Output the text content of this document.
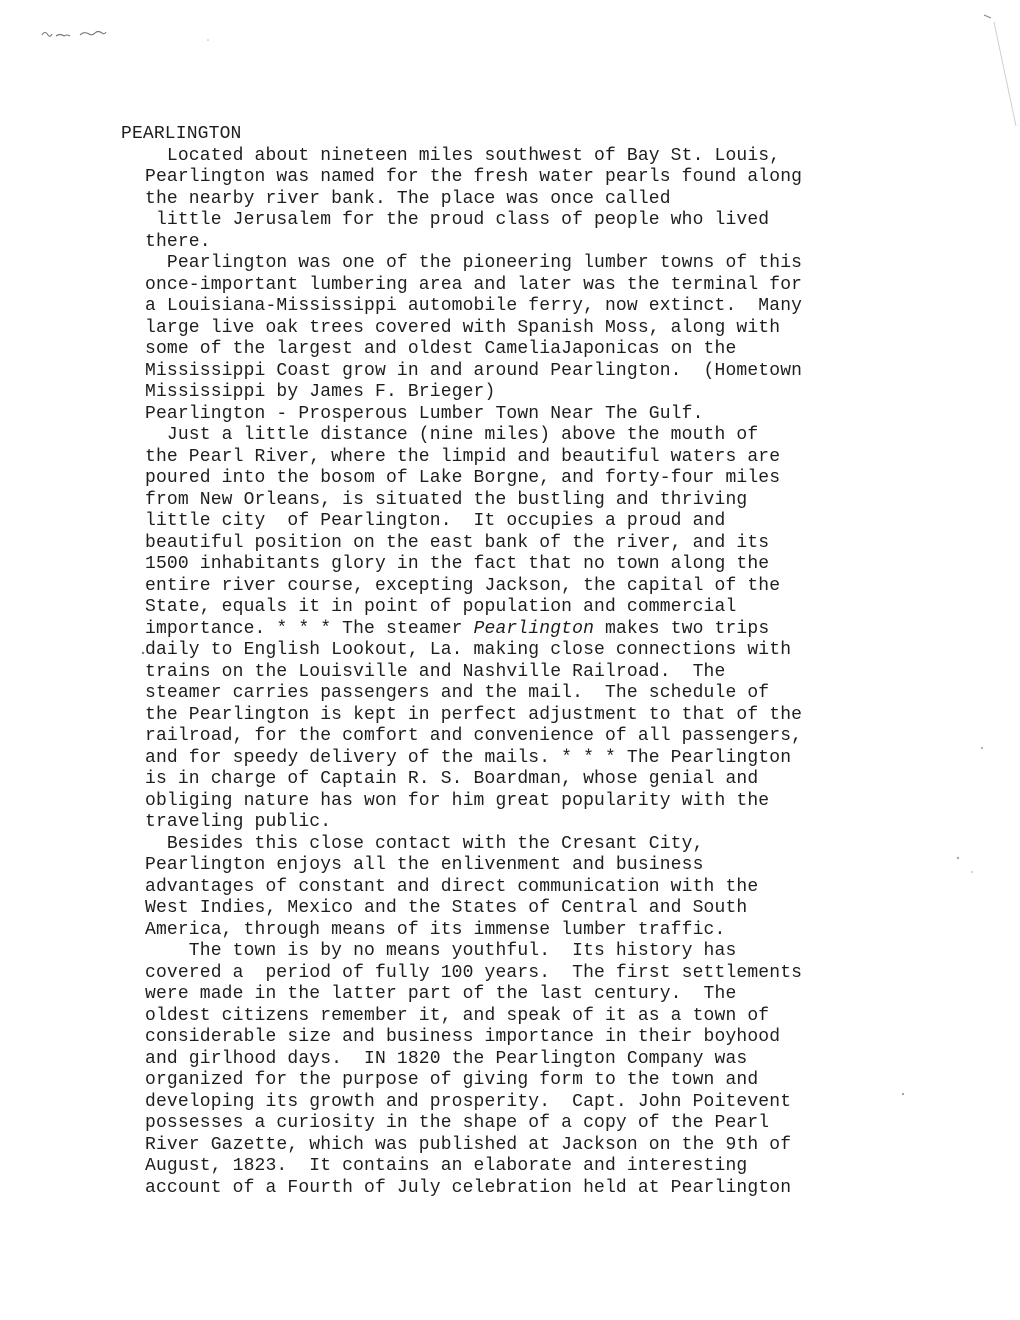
PEARLINGTON
Located about nineteen miles southwest of Bay St. Louis,
Pearlington was named for the fresh water pearls found along
the nearby river bank. The place was once called
little Jerusalem for the proud class of people who lived
there.
Pearlington was one of the pioneering lumber towns of this
once-important lumbering area and later was the terminal for
a Louisiana-Mississippi automobile ferry, now extinct.  Many
large live oak trees covered with Spanish Moss, along with
some of the largest and oldest CameliaJaponicas on the
Mississippi Coast grow in and around Pearlington.  (Hometown
Mississippi by James F. Brieger)
Pearlington - Prosperous Lumber Town Near The Gulf.
Just a little distance (nine miles) above the mouth of
the Pearl River, where the limpid and beautiful waters are
poured into the bosom of Lake Borgne, and forty-four miles
from New Orleans, is situated the bustling and thriving
little city  of Pearlington.  It occupies a proud and
beautiful position on the east bank of the river, and its
1500 inhabitants glory in the fact that no town along the
entire river course, excepting Jackson, the capital of the
State, equals it in point of population and commercial
importance. * * * The steamer Pearlington makes two trips
daily to English Lookout, La. making close connections with
trains on the Louisville and Nashville Railroad.  The
steamer carries passengers and the mail.  The schedule of
the Pearlington is kept in perfect adjustment to that of the
railroad, for the comfort and convenience of all passengers,
and for speedy delivery of the mails. * * * The Pearlington
is in charge of Captain R. S. Boardman, whose genial and
obliging nature has won for him great popularity with the
traveling public.
Besides this close contact with the Cresant City,
Pearlington enjoys all the enlivenment and business
advantages of constant and direct communication with the
West Indies, Mexico and the States of Central and South
America, through means of its immense lumber traffic.
The town is by no means youthful.  Its history has
covered a  period of fully 100 years.  The first settlements
were made in the latter part of the last century.  The
oldest citizens remember it, and speak of it as a town of
considerable size and business importance in their boyhood
and girlhood days.  IN 1820 the Pearlington Company was
organized for the purpose of giving form to the town and
developing its growth and prosperity.  Capt. John Poitevent
possesses a curiosity in the shape of a copy of the Pearl
River Gazette, which was published at Jackson on the 9th of
August, 1823.  It contains an elaborate and interesting
account of a Fourth of July celebration held at Pearlington
